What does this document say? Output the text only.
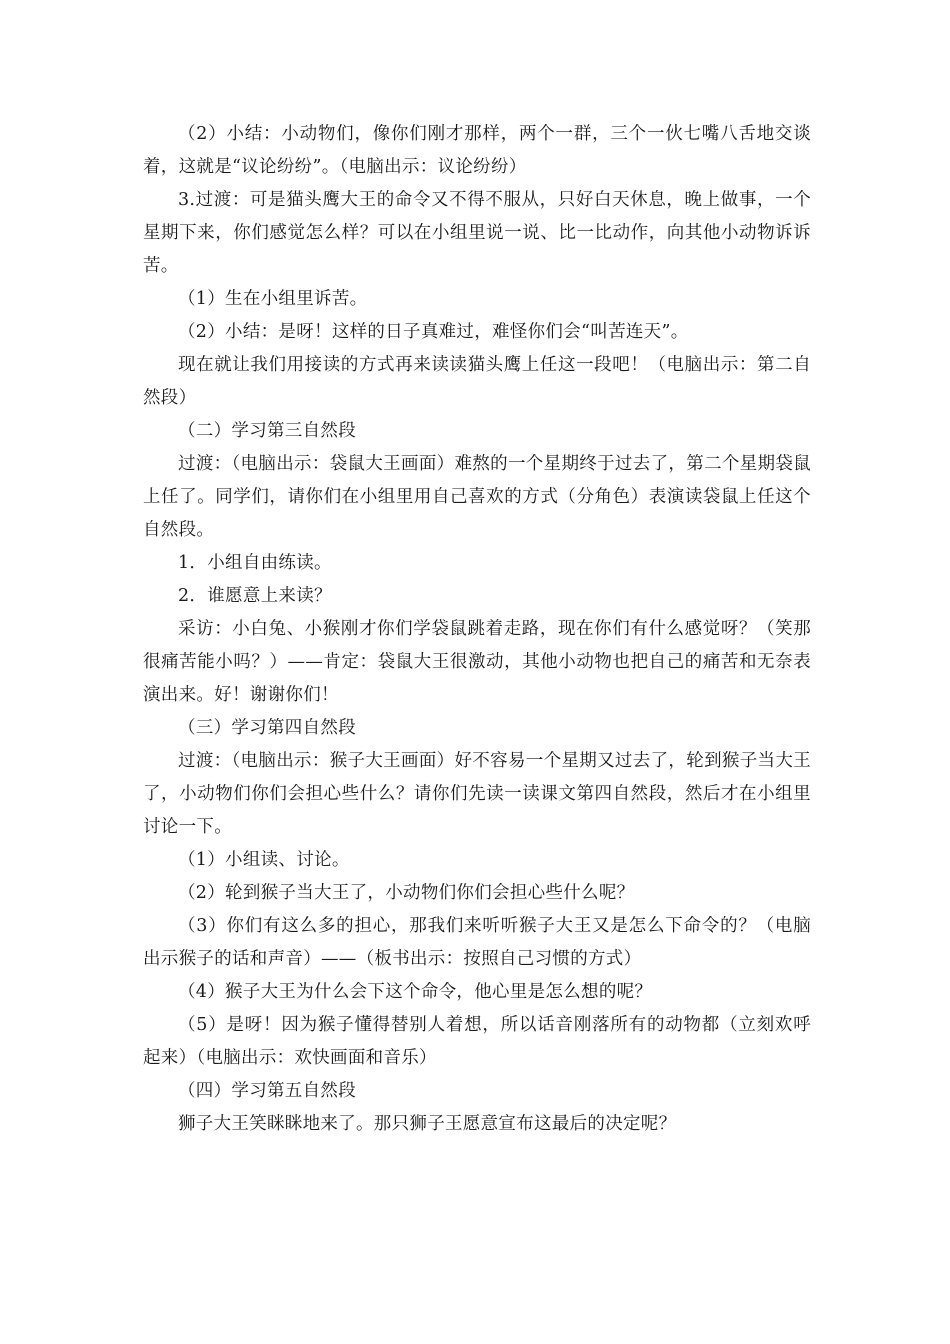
（2）小结：小动物们，像你们刚才那样，两个一群，三个一伙七嘴八舌地交谈着，这就是“议论纷纷”。（电脑出示：议论纷纷）

3.过渡：可是猫头鹰大王的命令又不得不服从，只好白天休息，晚上做事，一个星期下来，你们感觉怎么样？可以在小组里说一说、比一比动作，向其他小动物诉诉苦。

（1）生在小组里诉苦。

（2）小结：是呀！这样的日子真难过，难怪你们会“叫苦连天”。

现在就让我们用接读的方式再来读读猫头鹰上任这一段吧！（电脑出示：第二自然段）

（二）学习第三自然段

过渡：（电脑出示：袋鼠大王画面）难熬的一个星期终于过去了，第二个星期袋鼠上任了。同学们，请你们在小组里用自己喜欢的方式（分角色）表演读袋鼠上任这个自然段。

1．小组自由练读。

2．谁愿意上来读？

采访：小白兔、小猴刚才你们学袋鼠跳着走路，现在你们有什么感觉呀？（笑那很痛苦能小吗？）——肯定：袋鼠大王很激动，其他小动物也把自己的痛苦和无奈表演出来。好！谢谢你们！

（三）学习第四自然段

过渡：（电脑出示：猴子大王画面）好不容易一个星期又过去了，轮到猴子当大王了，小动物们你们会担心些什么？请你们先读一读课文第四自然段，然后才在小组里讨论一下。

（1）小组读、讨论。

（2）轮到猴子当大王了，小动物们你们会担心些什么呢？

（3）你们有这么多的担心，那我们来听听猴子大王又是怎么下命令的？（电脑出示猴子的话和声音）——（板书出示：按照自己习惯的方式）

（4）猴子大王为什么会下这个命令，他心里是怎么想的呢？

（5）是呀！因为猴子懂得替别人着想，所以话音刚落所有的动物都（立刻欢呼起来）（电脑出示：欢快画面和音乐）

（四）学习第五自然段

狮子大王笑眯眯地来了。那只狮子王愿意宣布这最后的决定呢？
